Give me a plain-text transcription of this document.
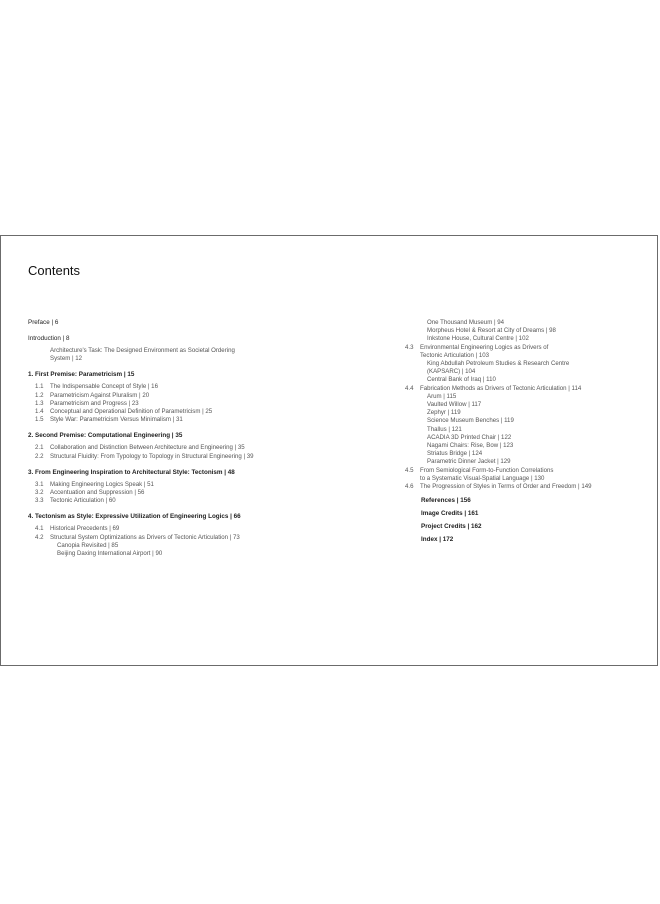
Contents
Preface | 6
Introduction | 8
Architecture's Task: The Designed Environment as Societal Ordering
System | 12
1. First Premise: Parametricism | 15
1.1	The Indispensable Concept of Style | 16
1.2	Parametricism Against Pluralism | 20
1.3	Parametricism and Progress | 23
1.4	Conceptual and Operational Definition of Parametricism | 25
1.5	Style War: Parametricism Versus Minimalism | 31
2. Second Premise: Computational Engineering | 35
2.1	Collaboration and Distinction Between Architecture and Engineering | 35
2.2	Structural Fluidity: From Typology to Topology in Structural Engineering | 39
3. From Engineering Inspiration to Architectural Style: Tectonism | 48
3.1	Making Engineering Logics Speak | 51
3.2	Accentuation and Suppression | 56
3.3	Tectonic Articulation | 60
4. Tectonism as Style: Expressive Utilization of Engineering Logics | 66
4.1	Historical Precedents | 69
4.2	Structural System Optimizations as Drivers of Tectonic Articulation | 73
Canopia Revisited | 85
Beijing Daxing International Airport | 90
One Thousand Museum | 94
Morpheus Hotel & Resort at City of Dreams | 98
Inkstone House, Cultural Centre | 102
4.3	Environmental Engineering Logics as Drivers of
Tectonic Articulation | 103
King Abdullah Petroleum Studies & Research Centre
(KAPSARC) | 104
Central Bank of Iraq | 110
4.4	Fabrication Methods as Drivers of Tectonic Articulation | 114
Arum | 115
Vaulted Willow | 117
Zephyr | 119
Science Museum Benches | 119
Thallus | 121
ACADIA 3D Printed Chair | 122
Nagami Chairs: Rise, Bow | 123
Striatus Bridge | 124
Parametric Dinner Jacket | 129
4.5	From Semiological Form-to-Function Correlations
to a Systematic Visual-Spatial Language | 130
4.6	The Progression of Styles in Terms of Order and Freedom | 149
References | 156
Image Credits | 161
Project Credits | 162
Index | 172
